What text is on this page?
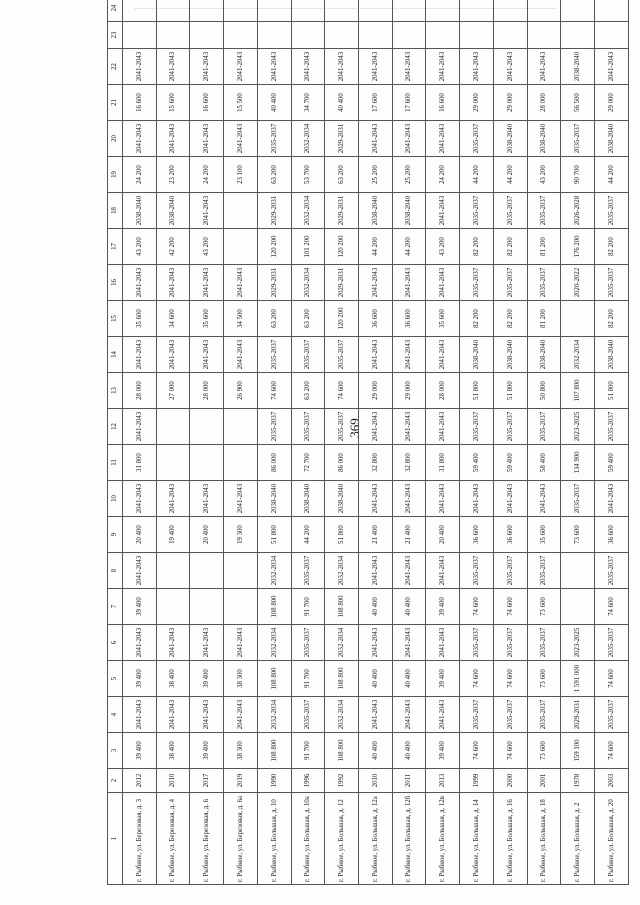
369
1	2	3	4	5	6	7	8	9	10	11	12	13	14	15	16	17	18	19	20	21	22	23	24
г. Рыбное, ул. Березовая, д. 3	2012	39 400	2041-2043	39 400	2041-2043	39 400	2041-2043	20 400	2041-2043	31 800	2041-2043	28 000	2041-2043	35 600	2041-2043	43 200	2038-2040	24 200	2041-2043	16 600	2041-2043		
г. Рыбное, ул. Березовая, д. 4	2010	38 400	2041-2043	38 400	2041-2043			19 400	2041-2043			27 000	2041-2043	34 600	2041-2043	42 200	2038-2040	23 200	2041-2043	15 600	2041-2043		
г. Рыбное, ул. Березовая, д. 6	2017	39 400	2041-2043	39 400	2041-2043			20 400	2041-2043			28 000	2041-2043	35 600	2041-2043	43 200	2041-2043	24 200	2041-2043	16 600	2041-2043		
г. Рыбное, ул. Березовая, д. 6а	2019	38 300	2041-2043	38 300	2041-2043			19 300	2041-2043			26 900	2041-2043	34 500	2041-2043			23 100	2041-2043	15 500	2041-2043		
г. Рыбное, ул. Большая, д. 10	1990	108 800	2032-2034	108 800	2032-2034	108 800	2032-2034	51 800	2038-2040	86 000	2035-2037	74 600	2035-2037	63 200	2029-2031	120 200	2029-2031	63 200	2035-2037	40 400	2041-2043		
г. Рыбное, ул. Большая, д. 10а	1996	91 700	2035-2037	91 700	2035-2037	91 700	2035-2037	44 200	2038-2040	72 700	2035-2037	63 200	2035-2037	63 200	2032-2034	101 200	2032-2034	53 700	2032-2034	34 700	2041-2043		
г. Рыбное, ул. Большая, д. 12	1992	108 800	2032-2034	108 800	2032-2034	108 800	2032-2034	51 800	2038-2040	86 000	2035-2037	74 600	2035-2037	120 200	2029-2031	120 200	2029-2031	63 200	2029-2031	40 400	2041-2043		
г. Рыбное, ул. Большая, д. 12а	2010	40 400	2041-2043	40 400	2041-2043	40 400	2041-2043	21 400	2041-2043	32 800	2041-2043	29 000	2041-2043	36 600	2041-2043	44 200	2038-2040	25 200	2041-2043	17 600	2041-2043		
г. Рыбное, ул. Большая, д. 12б	2011	40 400	2041-2043	40 400	2041-2043	40 400	2041-2043	21 400	2041-2043	32 800	2041-2043	29 000	2041-2043	36 600	2041-2043	44 200	2038-2040	25 200	2041-2043	17 600	2041-2043		
г. Рыбное, ул. Большая, д. 12в	2013	39 400	2041-2043	39 400	2041-2043	39 400	2041-2043	20 400	2041-2043	31 800	2041-2043	28 000	2041-2043	35 600	2041-2043	43 200	2041-2043	24 200	2041-2043	16 600	2041-2043		
г. Рыбное, ул. Большая, д. 14	1999	74 600	2035-2037	74 600	2035-2037	74 600	2035-2037	36 600	2041-2043	59 400	2035-2037	51 800	2038-2040	82 200	2035-2037	82 200	2035-2037	44 200	2035-2037	29 000	2041-2043		
г. Рыбное, ул. Большая, д. 16	2000	74 600	2035-2037	74 600	2035-2037	74 600	2035-2037	36 600	2041-2043	59 400	2035-2037	51 800	2038-2040	82 200	2035-2037	82 200	2035-2037	44 200	2038-2040	29 000	2041-2043		
г. Рыбное, ул. Большая, д. 18	2001	73 600	2035-2037	73 600	2035-2037	73 600	2035-2037	35 600	2041-2043	58 400	2035-2037	50 800	2038-2040	81 200	2035-2037	81 200	2035-2037	43 200	2038-2040	28 000	2041-2043		
г. Рыбное, ул. Большая, д. 2	1978	159 100	2029-2031	1 591 000	2023-2025			73 600	2035-2037	134 900	2023-2025	107 800	2032-2034		2020-2022	176 200	2026-2028	90 700	2035-2037	56 500	2038-2040		
г. Рыбное, ул. Большая, д. 20	2003	74 600	2035-2037	74 600	2035-2037	74 600	2035-2037	36 600	2041-2043	59 400	2035-2037	51 800	2038-2040	82 200	2035-2037	82 200	2035-2037	44 200	2038-2040	29 000	2041-2043		
